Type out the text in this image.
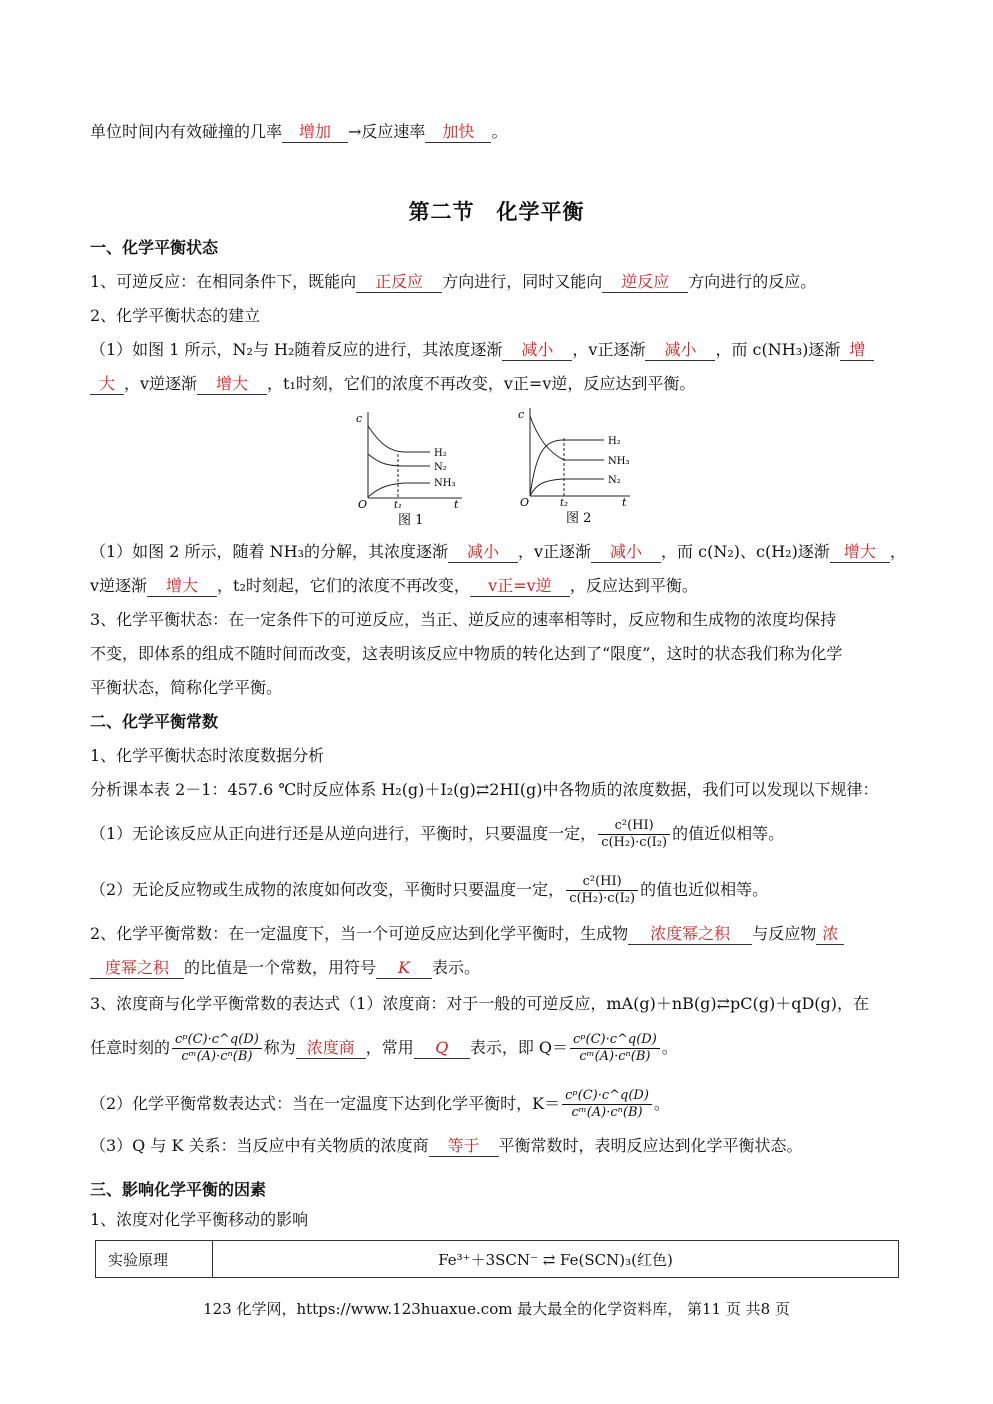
单位时间内有效碰撞的几率 增加 →反应速率 加快 。
第二节　化学平衡
一、化学平衡状态
1、可逆反应：在相同条件下，既能向 正反应 方向进行，同时又能向 逆反应 方向进行的反应。
2、化学平衡状态的建立
（1）如图 1 所示，N₂与 H₂随着反应的进行，其浓度逐渐 减小 ，v正逐渐 减小 ，而 c(NH₃)逐渐 增
大 ，v逆逐渐 增大 ，t₁时刻，它们的浓度不再改变，v正=v逆，反应达到平衡。
c
O	t
t₁
H₂
N₂
NH₃
图 1
c
O	t
t₂
H₂
NH₃
N₂
图 2
（1）如图 2 所示，随着 NH₃的分解，其浓度逐渐 减小 ，v正逐渐 减小 ，而 c(N₂)、c(H₂)逐渐 增大 ，
v逆逐渐 增大 ，t₂时刻起，它们的浓度不再改变， v正=v逆 ，反应达到平衡。
3、化学平衡状态：在一定条件下的可逆反应，当正、逆反应的速率相等时，反应物和生成物的浓度均保持
不变，即体系的组成不随时间而改变，这表明该反应中物质的转化达到了“限度”，这时的状态我们称为化学
平衡状态，简称化学平衡。
二、化学平衡常数
1、化学平衡状态时浓度数据分析
分析课本表 2－1：457.6 ℃时反应体系 H₂(g)＋I₂(g)⇄2HI(g)中各物质的浓度数据，我们可以发现以下规律：
（1）无论该反应从正向进行还是从逆向进行，平衡时，只要温度一定， $\frac{\text{c²(HI)}}{\text{c(H₂)·c(I₂)}}$ 的值近似相等。
（2）无论反应物或生成物的浓度如何改变，平衡时只要温度一定， $\frac{\text{c²(HI)}}{\text{c(H₂)·c(I₂)}}$ 的值也近似相等。
2、化学平衡常数：在一定温度下，当一个可逆反应达到化学平衡时，生成物 浓度幂之积 与反应物 浓
度幂之积 的比值是一个常数，用符号 K 表示。
3、浓度商与化学平衡常数的表达式（1）浓度商：对于一般的可逆反应，mA(g)＋nB(g)⇄pC(g)＋qD(g)，在
任意时刻的 $\frac{\text{cᵖ(C)·c\textasciicircum{}q(D)}}{\text{cᵐ(A)·cⁿ(B)}}$ 称为 浓度商 ，常用 Q 表示，即 $Q= \frac{\text{cᵖ(C)·c\textasciicircum{}q(D)}}{\text{cᵐ(A)·cⁿ(B)}}$ 。
（2）化学平衡常数表达式：当在一定温度下达到化学平衡时，$K= \frac{\text{cᵖ(C)·c\textasciicircum{}q(D)}}{\text{cᵐ(A)·cⁿ(B)}}$ 。
（3）Q 与 K 关系：当反应中有关物质的浓度商 等于 平衡常数时，表明反应达到化学平衡状态。
三、影响化学平衡的因素
1、浓度对化学平衡移动的影响
实验原理	Fe³⁺＋3SCN⁻ ⇄ Fe(SCN)₃(红色)
123 化学网，https://www.123huaxue.com 最大最全的化学资料库， 第11 页 共8 页
